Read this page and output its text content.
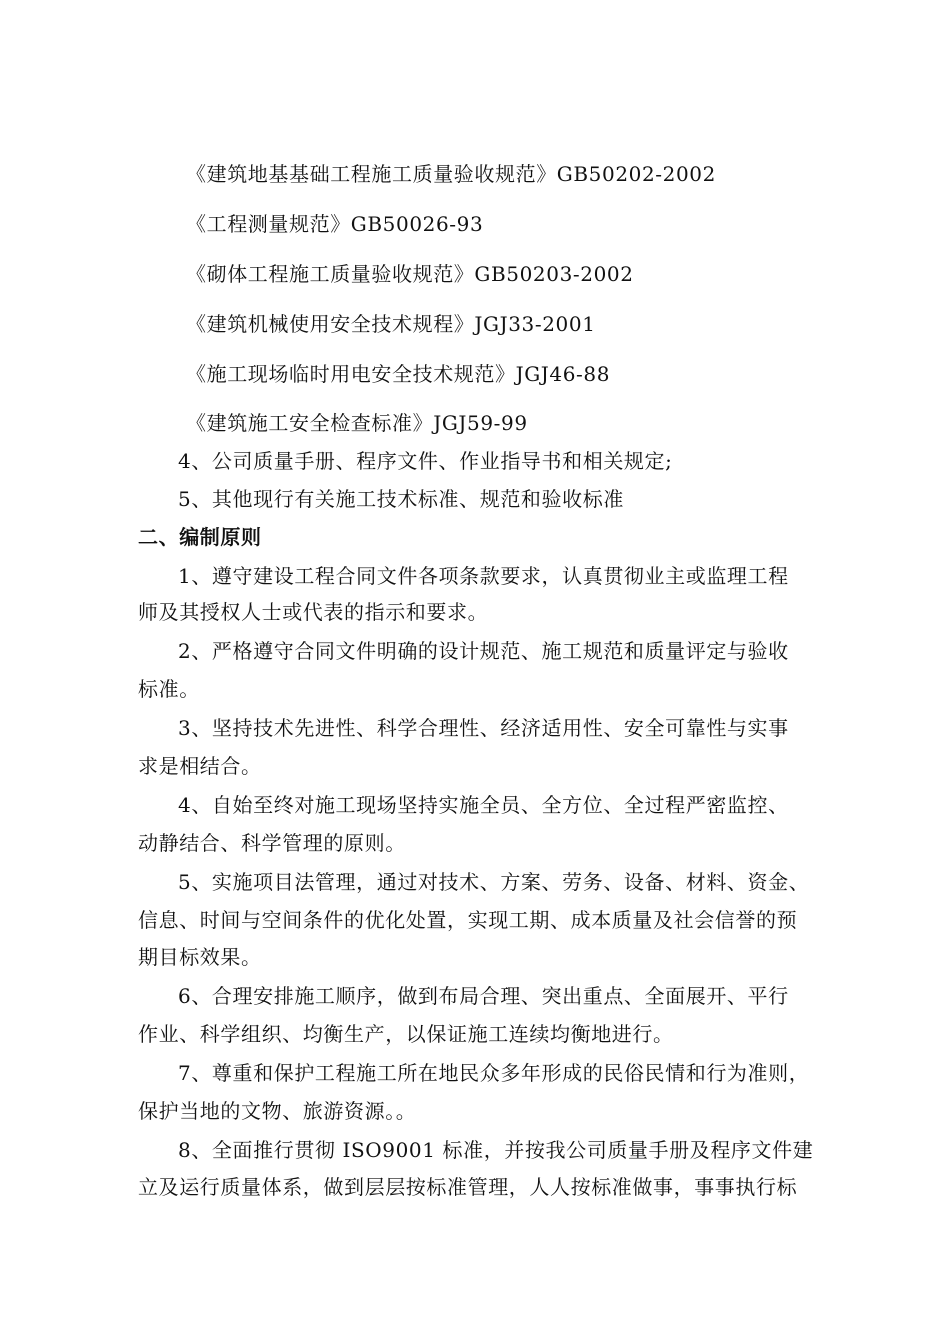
《建筑地基基础工程施工质量验收规范》GB50202-2002
《工程测量规范》GB50026-93
《砌体工程施工质量验收规范》GB50203-2002
《建筑机械使用安全技术规程》JGJ33-2001
《施工现场临时用电安全技术规范》JGJ46-88
《建筑施工安全检查标准》JGJ59-99
4、公司质量手册、程序文件、作业指导书和相关规定;
5、其他现行有关施工技术标准、规范和验收标准
二、编制原则
1、遵守建设工程合同文件各项条款要求，认真贯彻业主或监理工程
师及其授权人士或代表的指示和要求。
2、严格遵守合同文件明确的设计规范、施工规范和质量评定与验收
标准。
3、坚持技术先进性、科学合理性、经济适用性、安全可靠性与实事
求是相结合。
4、自始至终对施工现场坚持实施全员、全方位、全过程严密监控、
动静结合、科学管理的原则。
5、实施项目法管理，通过对技术、方案、劳务、设备、材料、资金、
信息、时间与空间条件的优化处置，实现工期、成本质量及社会信誉的预
期目标效果。
6、合理安排施工顺序，做到布局合理、突出重点、全面展开、平行
作业、科学组织、均衡生产，以保证施工连续均衡地进行。
7、尊重和保护工程施工所在地民众多年形成的民俗民情和行为准则，
保护当地的文物、旅游资源。。
8、全面推行贯彻 ISO9001 标准，并按我公司质量手册及程序文件建
立及运行质量体系，做到层层按标准管理，人人按标准做事，事事执行标
